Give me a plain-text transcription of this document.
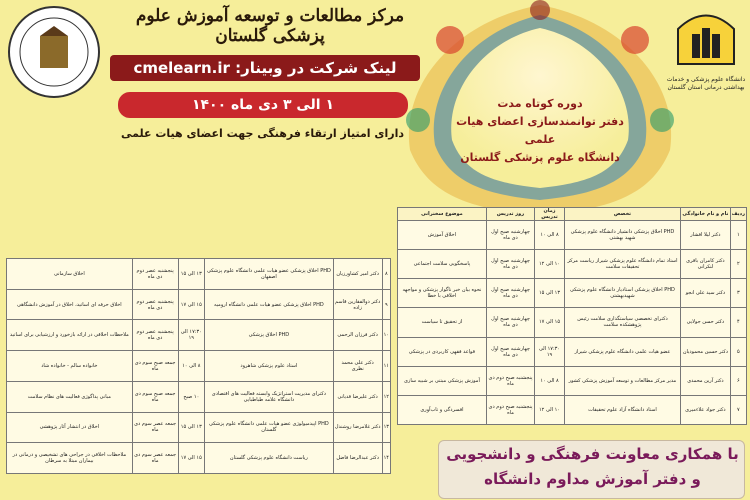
دانشگاه علوم پزشکی و خدمات بهداشتی درمانی استان گلستان
مرکز مطالعات و توسعه آموزش علوم پزشکی گلستان
لینک شرکت در وبینار: cmelearn.ir
۱ الی ۳ دی ماه ۱۴۰۰
دارای امتیاز ارتقاء فرهنگی جهت اعضای هیات علمی
دوره کوتاه مدت
دفتر توانمندسازی اعضای هیات علمی
دانشگاه علوم پزشکی گلستان
ردیف	نام و نام خانوادگی	تخصص	زمان تدریس	روز تدریس	موضوع سخنرانی
۱	دکتر لیلا افشار	PHD اخلاق پزشکی دانشیار دانشگاه علوم پزشکی شهید بهشتی	۸ الی ۱۰	چهارشنبه صبح اول دی ماه	اخلاق آموزش
۲	دکتر کامران باقری لنکرانی	استاد تمام دانشگاه علوم پزشکی شیراز ریاست مرکز تحقیقات سلامت	۱۰ الی ۱۲	چهارشنبه صبح اول دی ماه	پاسخگویی سلامت اجتماعی
۳	دکتر سید علی انجو	PHD اخلاق پزشکی استادیار دانشگاه علوم پزشکی شهیدبهشتی	۱۳ الی ۱۵	چهارشنبه صبح اول دی ماه	نحوه بیان خبر ناگوار پزشکی و مواجهه اخلاقی با خطا
۴	دکتر حسن جولایی	دکترای تخصصی سیاستگذاری سلامت رئیس پژوهشکده سلامت	۱۵ الی ۱۷	چهارشنبه صبح اول دی ماه	از تحقیق تا سیاست
۵	دکتر حسین محمودیان	عضو هیات علمی دانشگاه علوم پزشکی شیراز	۱۷:۳۰ الی ۱۹	چهارشنبه صبح اول دی ماه	قواعد فقهی کاربردی در پزشکی
۶	دکتر آرین محمدی	مدیر مرکز مطالعات و توسعه آموزش پزشکی کشور	۸ الی ۱۰	پنجشنبه صبح دوم دی ماه	آموزش پزشکی مبتنی بر شبیه سازی
۷	دکتر جواد علاءمیری	استاد دانشگاه آزاد علوم تحقیقات	۱۰ الی ۱۲	پنجشنبه صبح دوم دی ماه	افسردگی و تاب‌آوری
۸	دکتر امیر کشاورزیان	PHD اخلاق پزشکی عضو هیات علمی دانشگاه علوم پزشکی اصفهان	۱۳ الی ۱۵	پنجشنبه عصر دوم دی ماه	اخلاق سازمانی
۹	دکتر ذوالفقارین قاسم زاده	PHD اخلاق پزشکی عضو هیات علمی دانشگاه ارومیه	۱۵ الی ۱۷	پنجشنبه عصر دوم دی ماه	اخلاق حرفه ای اساتید، اخلاق در آموزش دانشگاهی
۱۰	دکتر فرزان الرحمی	PHD اخلاق پزشکی	۱۷:۳۰ الی ۱۹	پنجشنبه عصر دوم دی ماه	ملاحظات اخلاقی در ارائه بازخورد و ارزشیابی برای اساتید
۱۱	دکتر علی محمد نظری	استاد علوم پزشکی شاهرود	۸ الی ۱۰	جمعه صبح سوم دی ماه	خانواده سالم - خانواده شاد
۱۲	دکتر علیرضا قدیانی	دکترای مدیریت استراتژیک وابسته فعالیت های اقتصادی دانشگاه علامه طباطبایی	۱۰ صبح	جمعه صبح سوم دی ماه	مبانی پداگوژی فعالیت های نظام سلامت
۱۳	دکتر غلامرضا روشندل	PHD اپیدمیولوژی عضو هیات علمی دانشگاه علوم پزشکی گلستان	۱۳ الی ۱۵	جمعه عصر سوم دی ماه	اخلاق در انتشار آثار پژوهشی
۱۴	دکتر عبدالرضا فاضل	ریاست دانشگاه علوم پزشکی گلستان	۱۵ الی ۱۷	جمعه عصر سوم دی ماه	ملاحظات اخلاقی در جراحی های تشخیصی و درمانی در بیماران مبتلا به سرطان	با همکاری معاونت فرهنگی و دانشجویی
و دفتر آموزش مداوم دانشگاه
